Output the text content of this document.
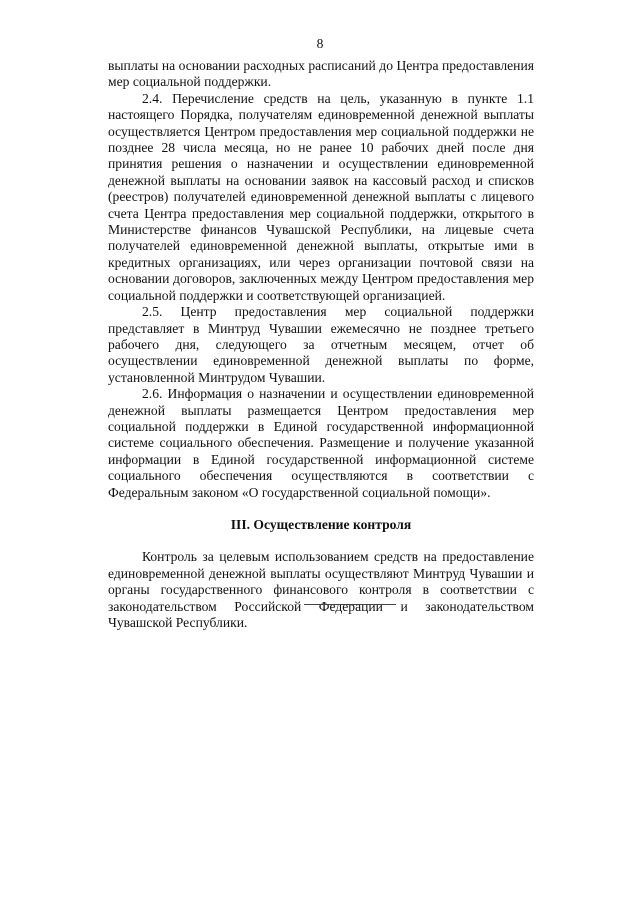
8

выплаты на основании расходных расписаний до Центра предоставления мер социальной поддержки.

2.4. Перечисление средств на цель, указанную в пункте 1.1 настоящего Порядка, получателям единовременной денежной выплаты осуществляется Центром предоставления мер социальной поддержки не позднее 28 числа месяца, но не ранее 10 рабочих дней после дня принятия решения о назначении и осуществлении единовременной денежной выплаты на основании заявок на кассовый расход и списков (реестров) получателей единовременной денежной выплаты с лицевого счета Центра предоставления мер социальной поддержки, открытого в Министерстве финансов Чувашской Республики, на лицевые счета получателей единовременной денежной выплаты, открытые ими в кредитных организациях, или через организации почтовой связи на основании договоров, заключенных между Центром предоставления мер социальной поддержки и соответствующей организацией.

2.5. Центр предоставления мер социальной поддержки представляет в Минтруд Чувашии ежемесячно не позднее третьего рабочего дня, следующего за отчетным месяцем, отчет об осуществлении единовременной денежной выплаты по форме, установленной Минтрудом Чувашии.

2.6. Информация о назначении и осуществлении единовременной денежной выплаты размещается Центром предоставления мер социальной поддержки в Единой государственной информационной системе социального обеспечения. Размещение и получение указанной информации в Единой государственной информационной системе социального обеспечения осуществляются в соответствии с Федеральным законом «О государственной социальной помощи».

III. Осуществление контроля

Контроль за целевым использованием средств на предоставление единовременной денежной выплаты осуществляют Минтруд Чувашии и органы государственного финансового контроля в соответствии с законодательством Российской Федерации и законодательством Чувашской Республики.
